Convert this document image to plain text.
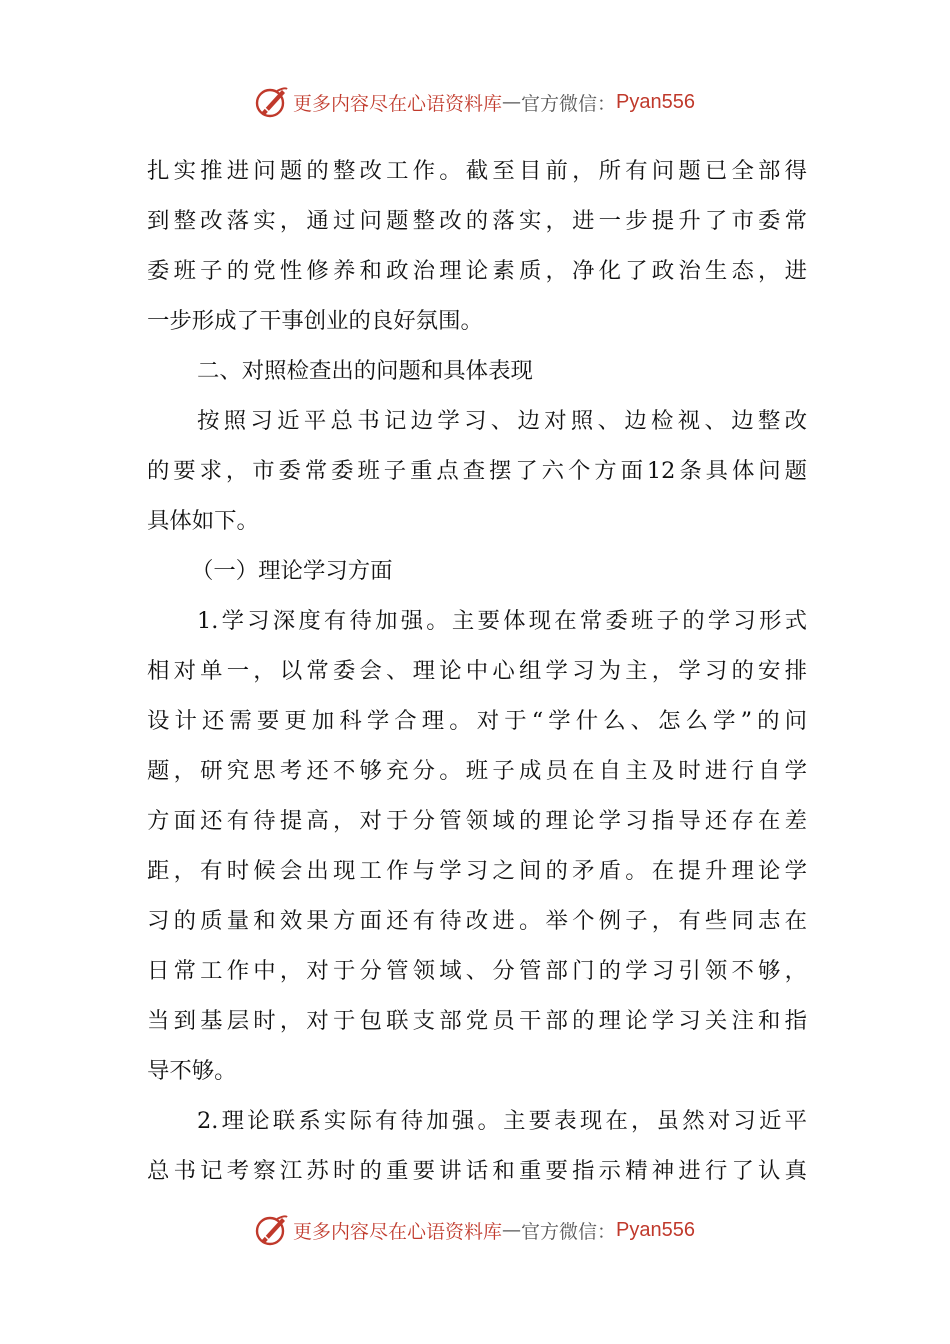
更多内容尽在心语资料库 — 官方微信： Pyan556
扎实推进问题的整改工作。截至目前，所有问题已全部得
到整改落实，通过问题整改的落实，进一步提升了市委常
委班子的党性修养和政治理论素质，净化了政治生态，进
一步形成了干事创业的良好氛围。
二、对照检查出的问题和具体表现
按照习近平总书记边学习、边对照、边检视、边整改
的要求，市委常委班子重点查摆了六个方面12条具体问题
具体如下。
（一）理论学习方面
1.学习深度有待加强。主要体现在常委班子的学习形式
相对单一，以常委会、理论中心组学习为主，学习的安排
设计还需要更加科学合理。对于“学什么、怎么学”的问
题，研究思考还不够充分。班子成员在自主及时进行自学
方面还有待提高，对于分管领域的理论学习指导还存在差
距，有时候会出现工作与学习之间的矛盾。在提升理论学
习的质量和效果方面还有待改进。举个例子，有些同志在
日常工作中，对于分管领域、分管部门的学习引领不够，
当到基层时，对于包联支部党员干部的理论学习关注和指
导不够。
2.理论联系实际有待加强。主要表现在，虽然对习近平
总书记考察江苏时的重要讲话和重要指示精神进行了认真
更多内容尽在心语资料库 — 官方微信： Pyan556
